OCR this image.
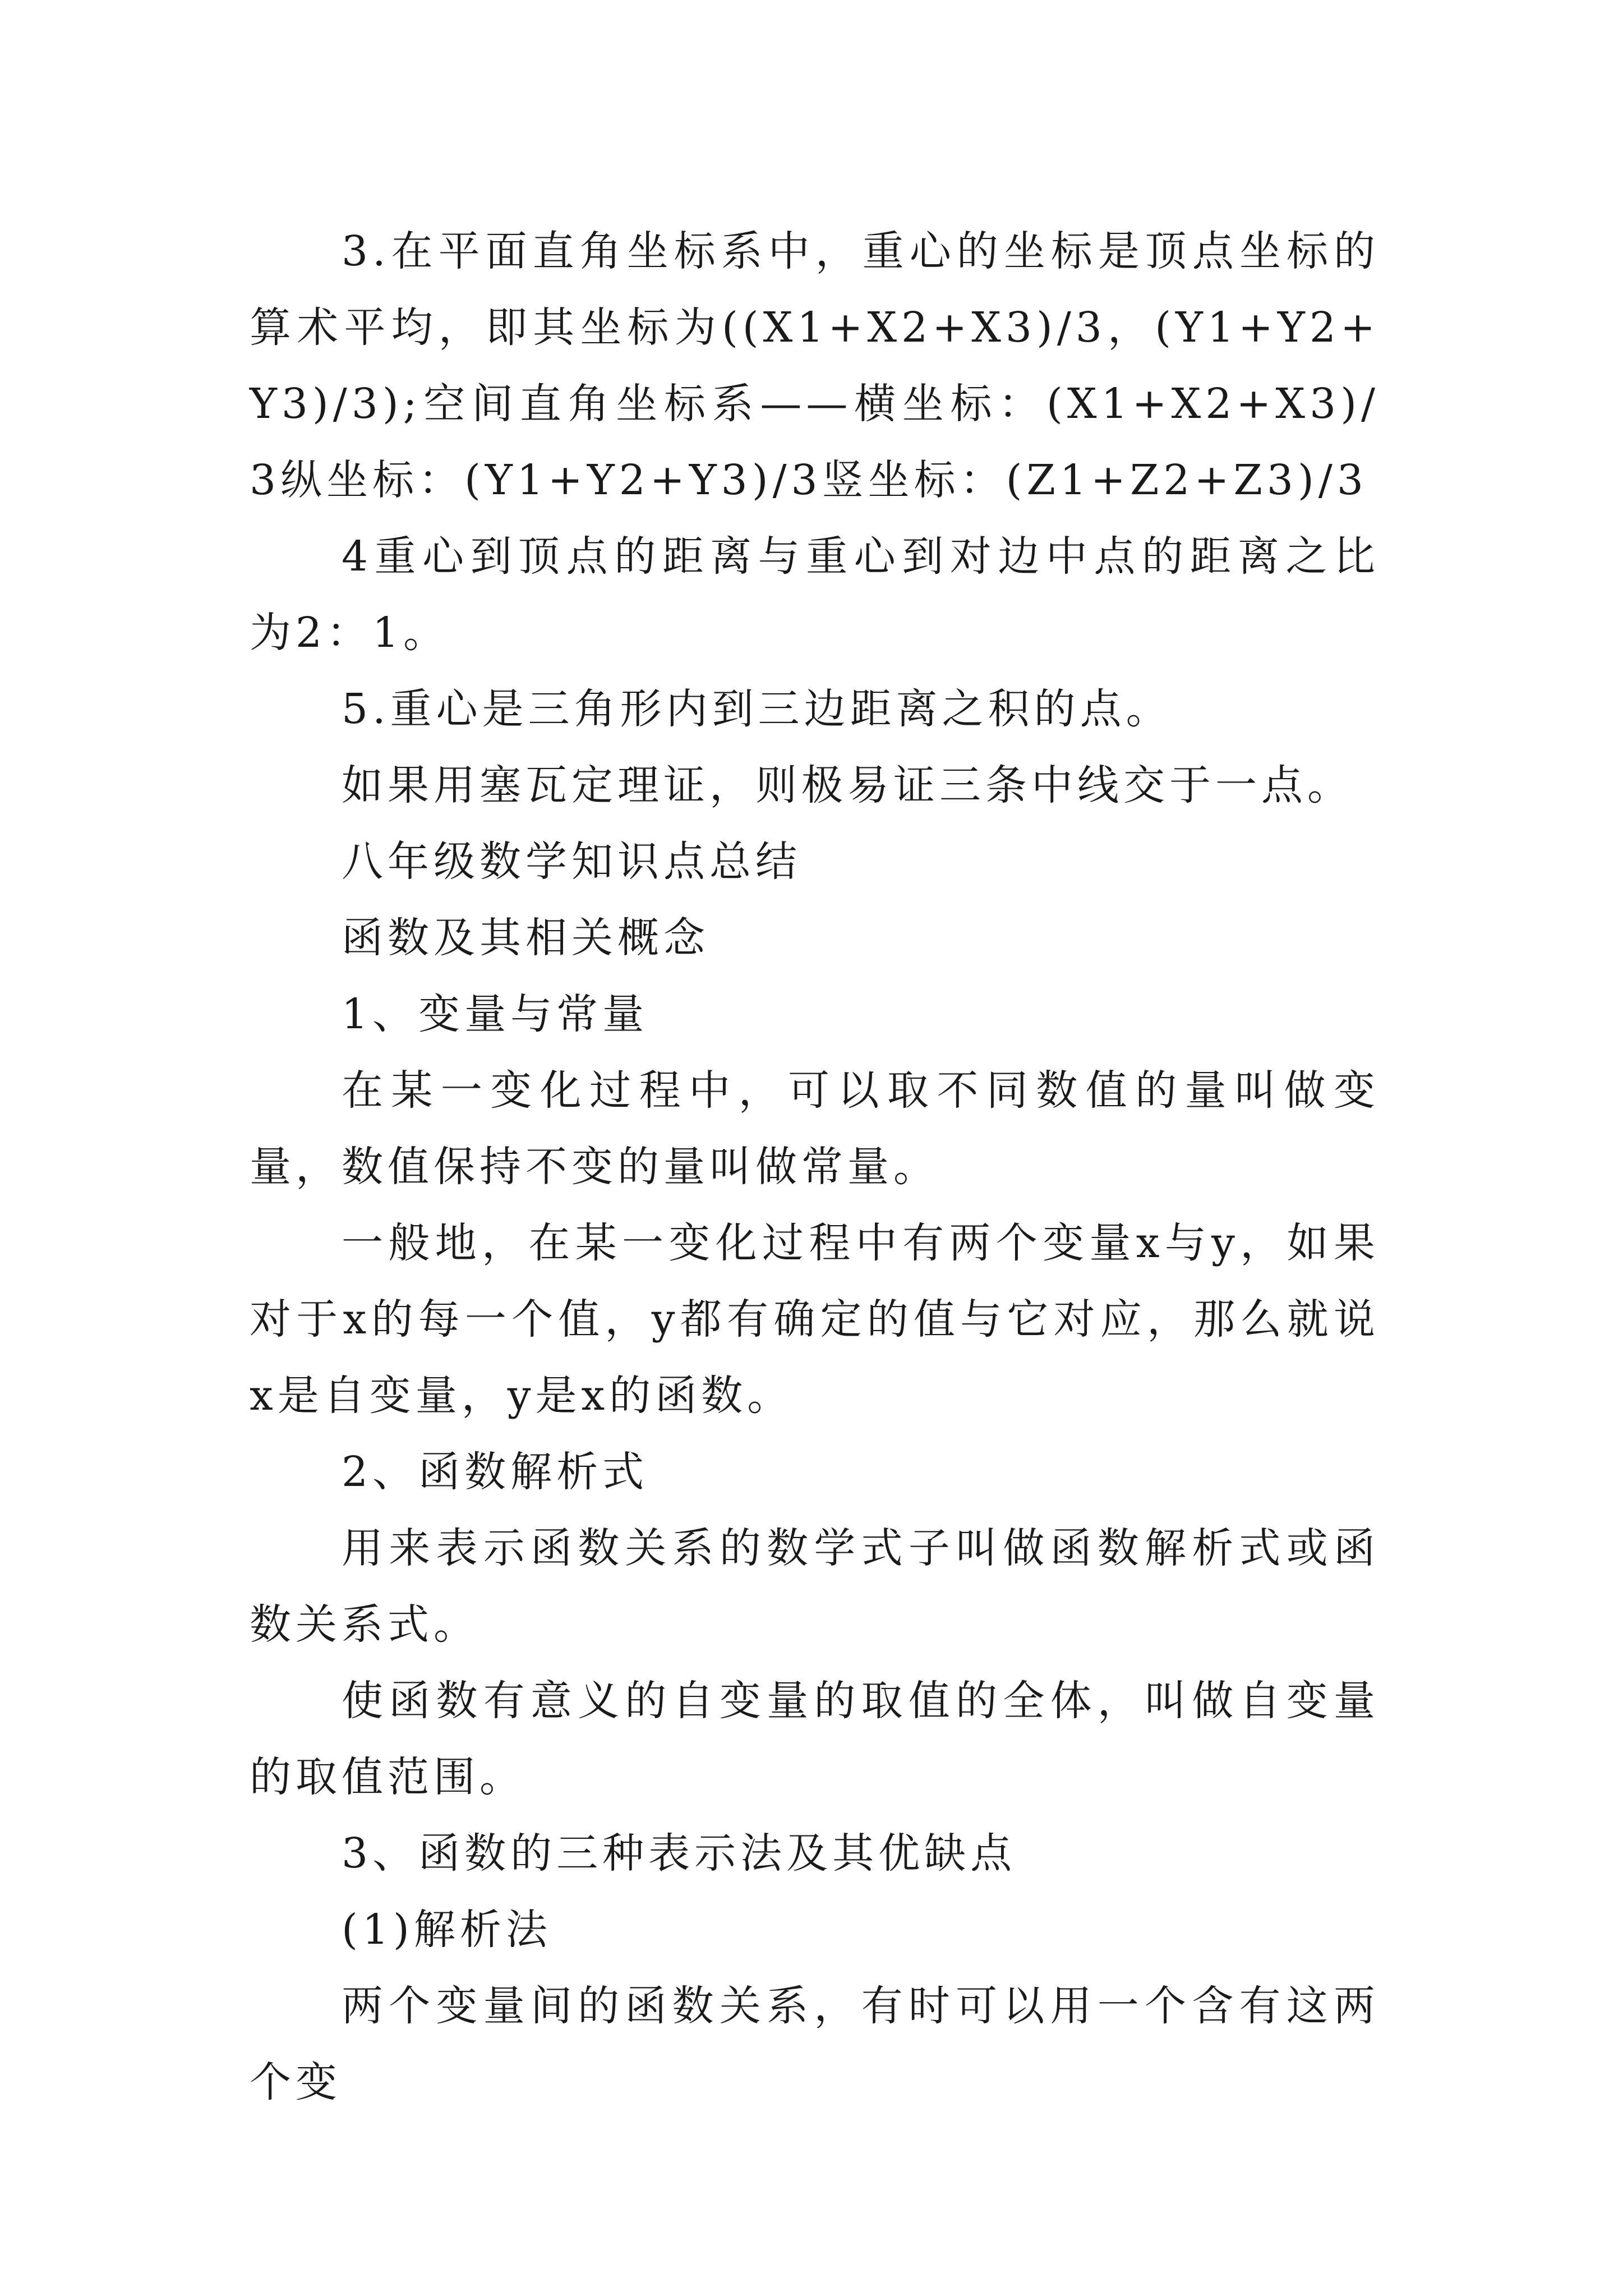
3.在平面直角坐标系中，重心的坐标是顶点坐标的算术平均，即其坐标为((X1+X2+X3)/3，(Y1+Y2+Y3)/3);空间直角坐标系——横坐标：(X1+X2+X3)/3纵坐标：(Y1+Y2+Y3)/3竖坐标：(Z1+Z2+Z3)/3

4重心到顶点的距离与重心到对边中点的距离之比为2：1。

5.重心是三角形内到三边距离之积的点。

如果用塞瓦定理证，则极易证三条中线交于一点。

八年级数学知识点总结

函数及其相关概念

1、变量与常量

在某一变化过程中，可以取不同数值的量叫做变量，数值保持不变的量叫做常量。

一般地，在某一变化过程中有两个变量x与y，如果对于x的每一个值，y都有确定的值与它对应，那么就说x是自变量，y是x的函数。

2、函数解析式

用来表示函数关系的数学式子叫做函数解析式或函数关系式。

使函数有意义的自变量的取值的全体，叫做自变量的取值范围。

3、函数的三种表示法及其优缺点

(1)解析法

两个变量间的函数关系，有时可以用一个含有这两个变
